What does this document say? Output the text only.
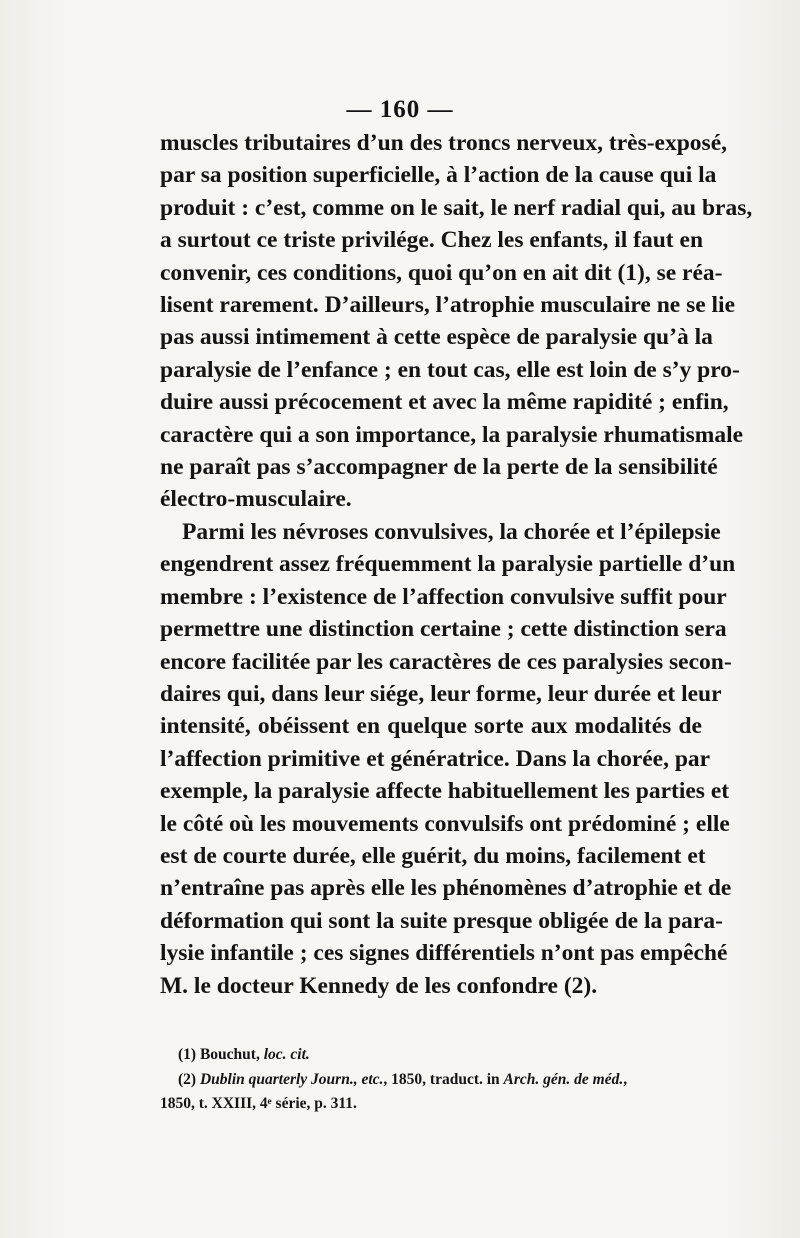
— 160 —
muscles tributaires d’un des troncs nerveux, très-exposé,
par sa position superficielle, à l’action de la cause qui la
produit : c’est, comme on le sait, le nerf radial qui, au bras,
a surtout ce triste privilége. Chez les enfants, il faut en
convenir, ces conditions, quoi qu’on en ait dit (1), se réa-
lisent rarement. D’ailleurs, l’atrophie musculaire ne se lie
pas aussi intimement à cette espèce de paralysie qu’à la
paralysie de l’enfance ; en tout cas, elle est loin de s’y pro-
duire aussi précocement et avec la même rapidité ; enfin,
caractère qui a son importance, la paralysie rhumatismale
ne paraît pas s’accompagner de la perte de la sensibilité
électro-musculaire.
Parmi les névroses convulsives, la chorée et l’épilepsie
engendrent assez fréquemment la paralysie partielle d’un
membre : l’existence de l’affection convulsive suffit pour
permettre une distinction certaine ; cette distinction sera
encore facilitée par les caractères de ces paralysies secon-
daires qui, dans leur siége, leur forme, leur durée et leur
intensité, obéissent en quelque sorte aux modalités de
l’affection primitive et génératrice. Dans la chorée, par
exemple, la paralysie affecte habituellement les parties et
le côté où les mouvements convulsifs ont prédominé ; elle
est de courte durée, elle guérit, du moins, facilement et
n’entraîne pas après elle les phénomènes d’atrophie et de
déformation qui sont la suite presque obligée de la para-
lysie infantile ; ces signes différentiels n’ont pas empêché
M. le docteur Kennedy de les confondre (2).
(1) Bouchut, loc. cit.
(2) Dublin quarterly Journ., etc., 1850, traduct. in Arch. gén. de méd.,
1850, t. XXIII, 4ᵉ série, p. 311.
